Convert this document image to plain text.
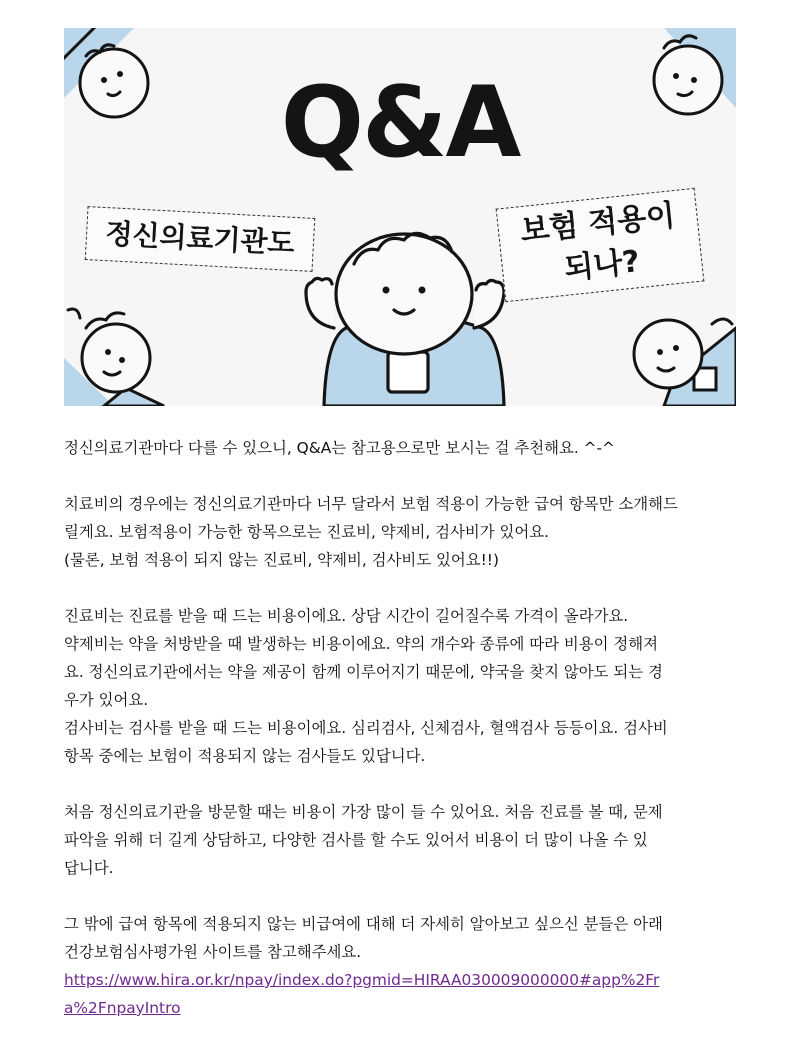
Q&A
정신의료기관도	보험 적용이
되나?

정신의료기관마다 다를 수 있으니, Q&A는 참고용으로만 보시는 걸 추천해요. ^-^

치료비의 경우에는 정신의료기관마다 너무 달라서 보험 적용이 가능한 급여 항목만 소개해드
릴게요. 보험적용이 가능한 항목으로는 진료비, 약제비, 검사비가 있어요.
(물론, 보험 적용이 되지 않는 진료비, 약제비, 검사비도 있어요!!)

진료비는 진료를 받을 때 드는 비용이에요. 상담 시간이 길어질수록 가격이 올라가요.
약제비는 약을 처방받을 때 발생하는 비용이에요. 약의 개수와 종류에 따라 비용이 정해져
요. 정신의료기관에서는 약을 제공이 함께 이루어지기 때문에, 약국을 찾지 않아도 되는 경
우가 있어요.
검사비는 검사를 받을 때 드는 비용이에요. 심리검사, 신체검사, 혈액검사 등등이요. 검사비
항목 중에는 보험이 적용되지 않는 검사들도 있답니다.

처음 정신의료기관을 방문할 때는 비용이 가장 많이 들 수 있어요. 처음 진료를 볼 때, 문제
파악을 위해 더 길게 상담하고, 다양한 검사를 할 수도 있어서 비용이 더 많이 나올 수 있
답니다.

그 밖에 급여 항목에 적용되지 않는 비급여에 대해 더 자세히 알아보고 싶으신 분들은 아래
건강보험심사평가원 사이트를 참고해주세요.
https://www.hira.or.kr/npay/index.do?pgmid=HIRAA030009000000#app%2Fr
a%2FnpayIntro
